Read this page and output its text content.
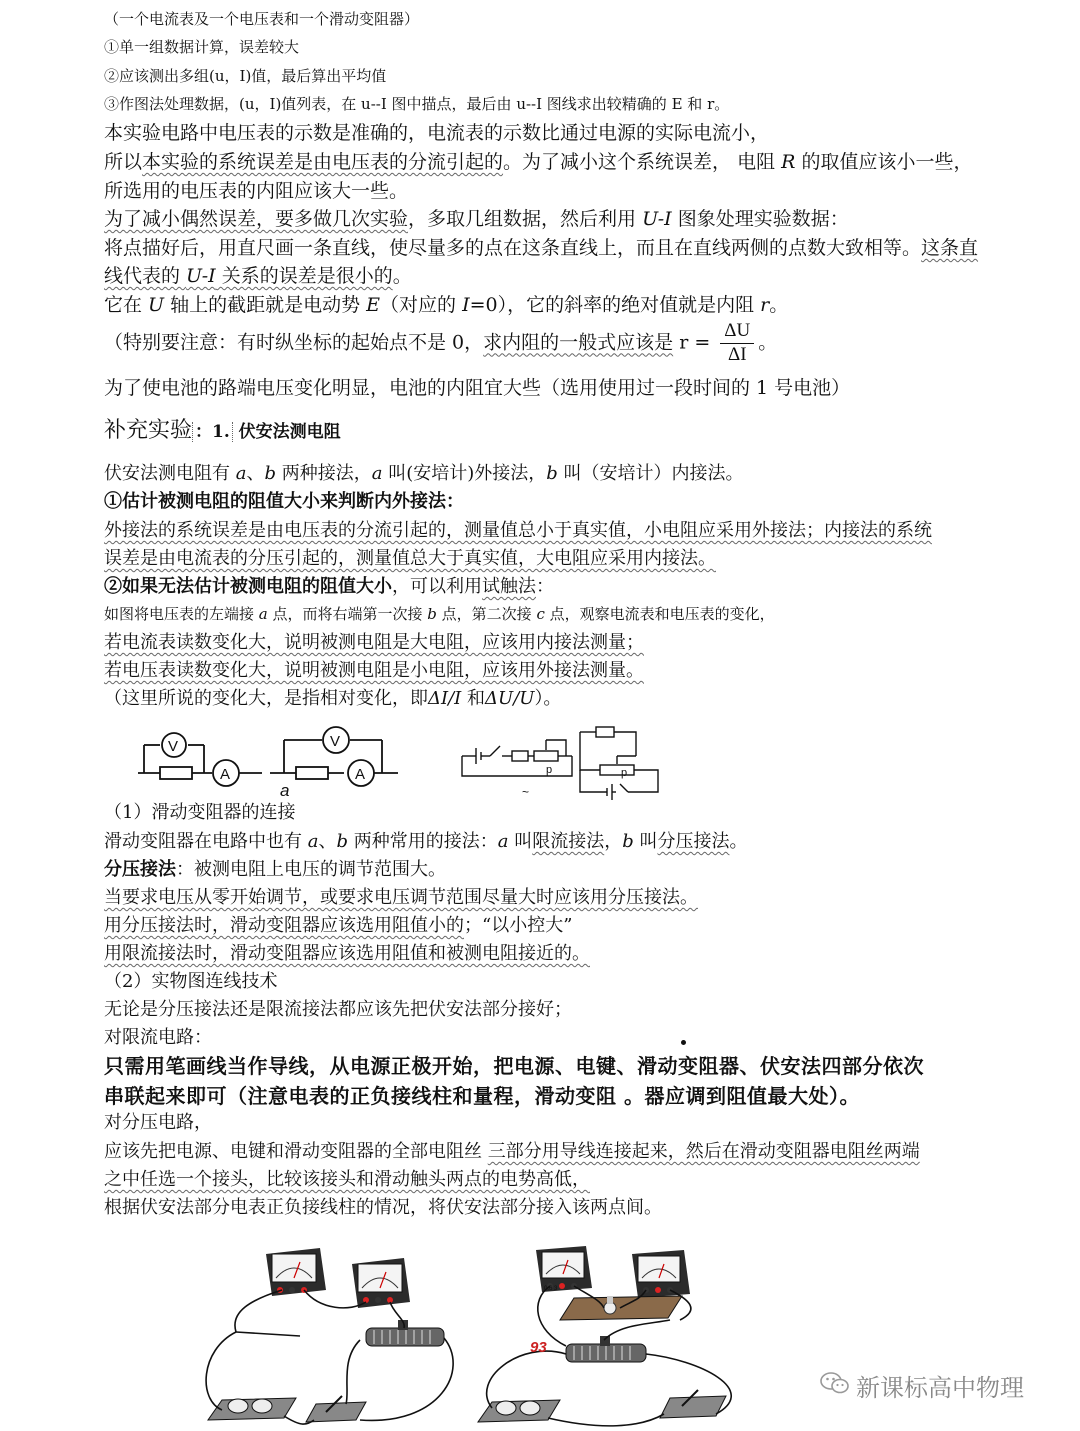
（一个电流表及一个电压表和一个滑动变阻器）
①单一组数据计算，误差较大
②应该测出多组(u，I)值，最后算出平均值
③作图法处理数据，(u，I)值列表，在 u--I 图中描点，最后由 u--I 图线求出较精确的 E 和 r。
本实验电路中电压表的示数是准确的，电流表的示数比通过电源的实际电流小，
所以本实验的系统误差是由电压表的分流引起的。为了减小这个系统误差， 电阻 R 的取值应该小一些，
所选用的电压表的内阻应该大一些。
为了减小偶然误差，要多做几次实验，多取几组数据，然后利用 U-I 图象处理实验数据：
将点描好后，用直尺画一条直线，使尽量多的点在这条直线上，而且在直线两侧的点数大致相等。这条直
线代表的 U-I 关系的误差是很小的。
它在 U 轴上的截距就是电动势 E（对应的 I=0），它的斜率的绝对值就是内阻 r。
（特别要注意：有时纵坐标的起始点不是 0，求内阻的一般式应该是 $r = \frac{\Delta U}{\Delta I}$ 。
为了使电池的路端电压变化明显，电池的内阻宜大些（选用使用过一段时间的 1 号电池）
补充实验 ：1. 伏安法测电阻
伏安法测电阻有 a、b 两种接法，a 叫(安培计)外接法，b 叫（安培计）内接法。
①估计被测电阻的阻值大小来判断内外接法：
外接法的系统误差是由电压表的分流引起的，测量值总小于真实值，小电阻应采用外接法；内接法的系统
误差是由电流表的分压引起的，测量值总大于真实值，大电阻应采用内接法。
②如果无法估计被测电阻的阻值大小，可以利用试触法：
如图将电压表的左端接 a 点，而将右端第一次接 b 点，第二次接 c 点，观察电流表和电压表的变化，
若电流表读数变化大，说明被测电阻是大电阻，应该用内接法测量；
若电压表读数变化大，说明被测电阻是小电阻，应该用外接法测量。
（这里所说的变化大，是指相对变化，即ΔI/I 和ΔU/U）。
V
A
V
A
a
p	p
~
（1）滑动变阻器的连接
滑动变阻器在电路中也有 a、b 两种常用的接法：a 叫限流接法，b 叫分压接法。
分压接法：被测电阻上电压的调节范围大。
当要求电压从零开始调节，或要求电压调节范围尽量大时应该用分压接法。
用分压接法时，滑动变阻器应该选用阻值小的；“以小控大”
用限流接法时，滑动变阻器应该选用阻值和被测电阻接近的。
（2）实物图连线技术
无论是分压接法还是限流接法都应该先把伏安法部分接好；
对限流电路：
只需用笔画线当作导线，从电源正极开始，把电源、电键、滑动变阻器、伏安法四部分依次
串联起来即可（注意电表的正负接线柱和量程，滑动变阻 。器应调到阻值最大处）。
对分压电路，
应该先把电源、电键和滑动变阻器的全部电阻丝 三部分用导线连接起来，然后在滑动变阻器电阻丝两端
之中任选一个接头，比较该接头和滑动触头两点的电势高低，
根据伏安法部分电表正负接线柱的情况，将伏安法部分接入该两点间。
93
0.6 3
新课标高中物理
